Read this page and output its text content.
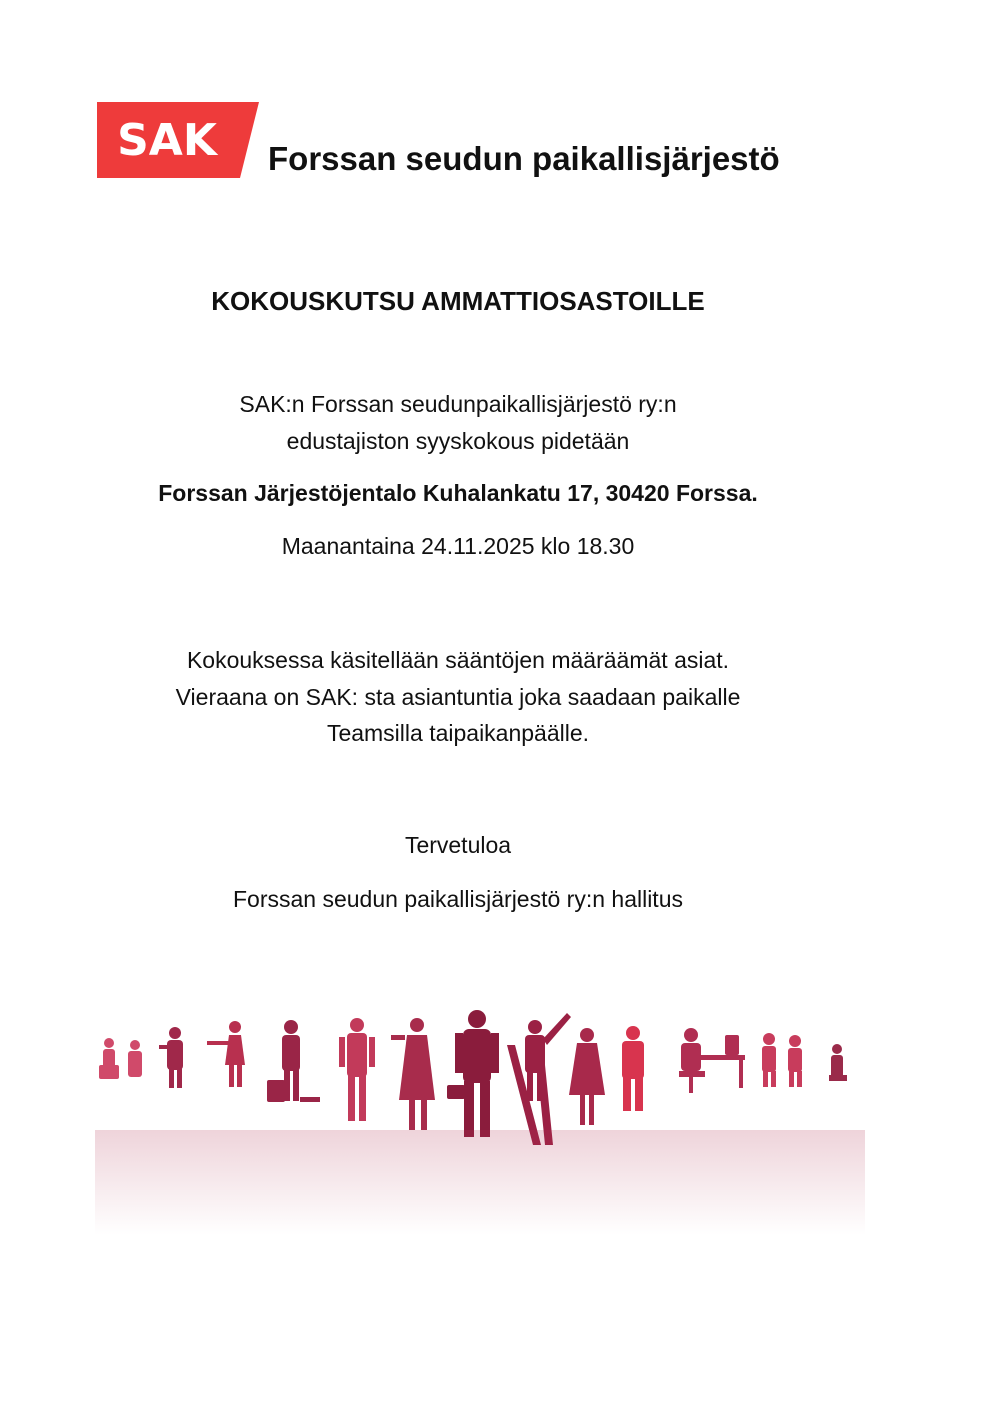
SAK Forssan seudun paikallisjärjestö
KOKOUSKUTSU AMMATTIOSASTOILLE
SAK:n Forssan seudunpaikallisjärjestö ry:n
edustajiston syyskokous pidetään
Forssan Järjestöjentalo Kuhalankatu 17, 30420 Forssa.
Maanantaina 24.11.2025 klo 18.30
Kokouksessa käsitellään sääntöjen määräämät asiat.
Vieraana on SAK: sta asiantuntia joka saadaan paikalle
Teamsilla taipaikanpäälle.
Tervetuloa
Forssan seudun paikallisjärjestö ry:n hallitus
